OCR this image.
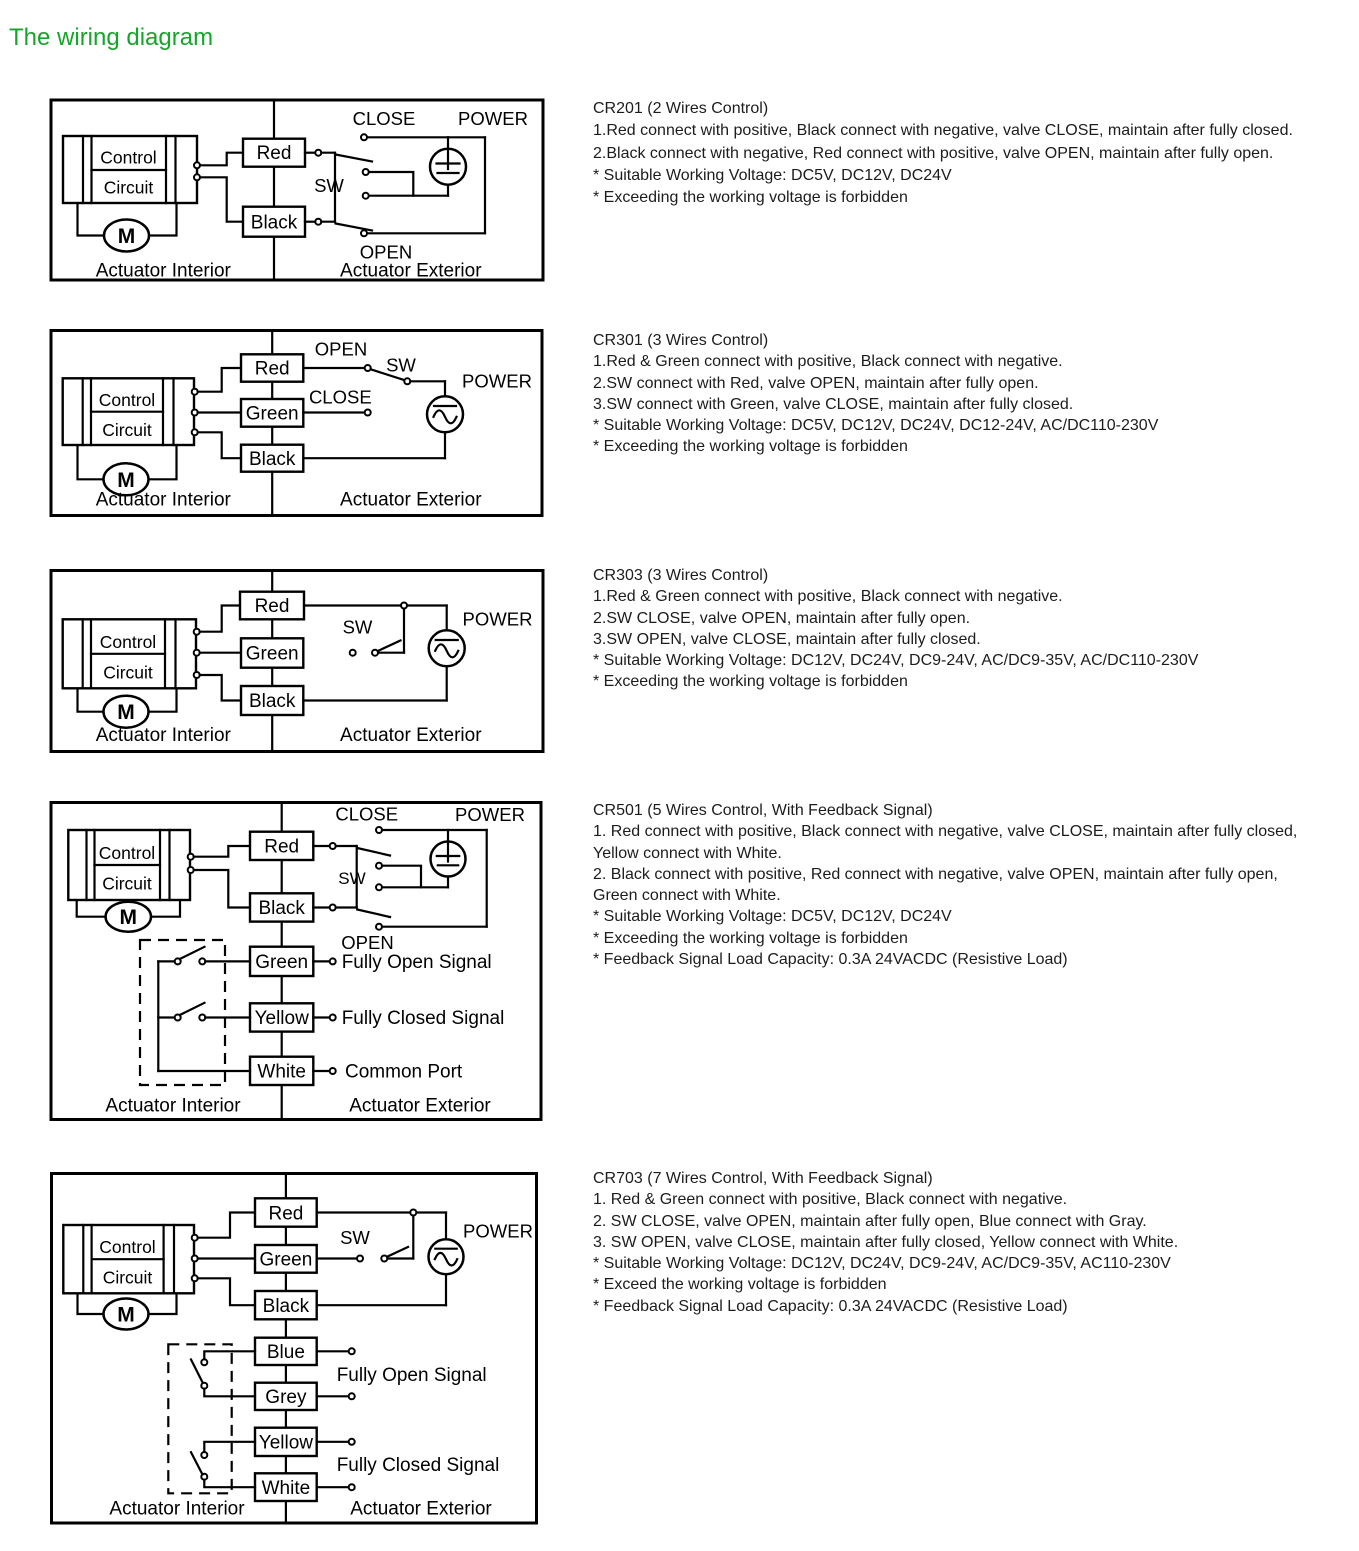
The wiring diagram
M
Control
Circuit
Red
Black
SW
CLOSE POWER
OPEN
Actuator Interior	Actuator Exterior
M
Control
Circuit
Red
Green
Black
OPEN
SW
CLOSE
POWER
Actuator Interior	Actuator Exterior
M
Control
Circuit
Red
Green
Black
SW	POWER
Actuator Interior	Actuator Exterior
M
Control
Circuit
Red
Black
Green
Yellow
White
CLOSE	POWER
SW
OPEN
Fully Open Signal
Fully Closed Signal
Common Port
Actuator Interior	Actuator Exterior
M
Control
Circuit
Red
Green
Black
Blue
Grey
Yellow
White
SW	POWER
Fully Open Signal
Fully Closed Signal
Actuator Interior	Actuator Exterior
CR201 (2 Wires Control)
1.Red connect with positive, Black connect with negative, valve CLOSE, maintain after fully closed.
2.Black connect with negative, Red connect with positive, valve OPEN, maintain after fully open.
* Suitable Working Voltage: DC5V, DC12V, DC24V
* Exceeding the working voltage is forbidden
CR301 (3 Wires Control)
1.Red & Green connect with positive, Black connect with negative.
2.SW connect with Red, valve OPEN, maintain after fully open.
3.SW connect with Green, valve CLOSE, maintain after fully closed.
* Suitable Working Voltage: DC5V, DC12V, DC24V, DC12-24V, AC/DC110-230V
* Exceeding the working voltage is forbidden
CR303 (3 Wires Control)
1.Red & Green connect with positive, Black connect with negative.
2.SW CLOSE, valve OPEN, maintain after fully open.
3.SW OPEN, valve CLOSE, maintain after fully closed.
* Suitable Working Voltage: DC12V, DC24V, DC9-24V, AC/DC9-35V, AC/DC110-230V
* Exceeding the working voltage is forbidden
CR501 (5 Wires Control, With Feedback Signal)
1. Red connect with positive, Black connect with negative, valve CLOSE, maintain after fully closed,
Yellow connect with White.
2. Black connect with positive, Red connect with negative, valve OPEN, maintain after fully open,
Green connect with White.
* Suitable Working Voltage: DC5V, DC12V, DC24V
* Exceeding the working voltage is forbidden
* Feedback Signal Load Capacity: 0.3A 24VACDC (Resistive Load)
CR703 (7 Wires Control, With Feedback Signal)
1. Red & Green connect with positive, Black connect with negative.
2. SW CLOSE, valve OPEN, maintain after fully open, Blue connect with Gray.
3. SW OPEN, valve CLOSE, maintain after fully closed, Yellow connect with White.
* Suitable Working Voltage: DC12V, DC24V, DC9-24V, AC/DC9-35V, AC110-230V
* Exceed the working voltage is forbidden
* Feedback Signal Load Capacity: 0.3A 24VACDC (Resistive Load)
